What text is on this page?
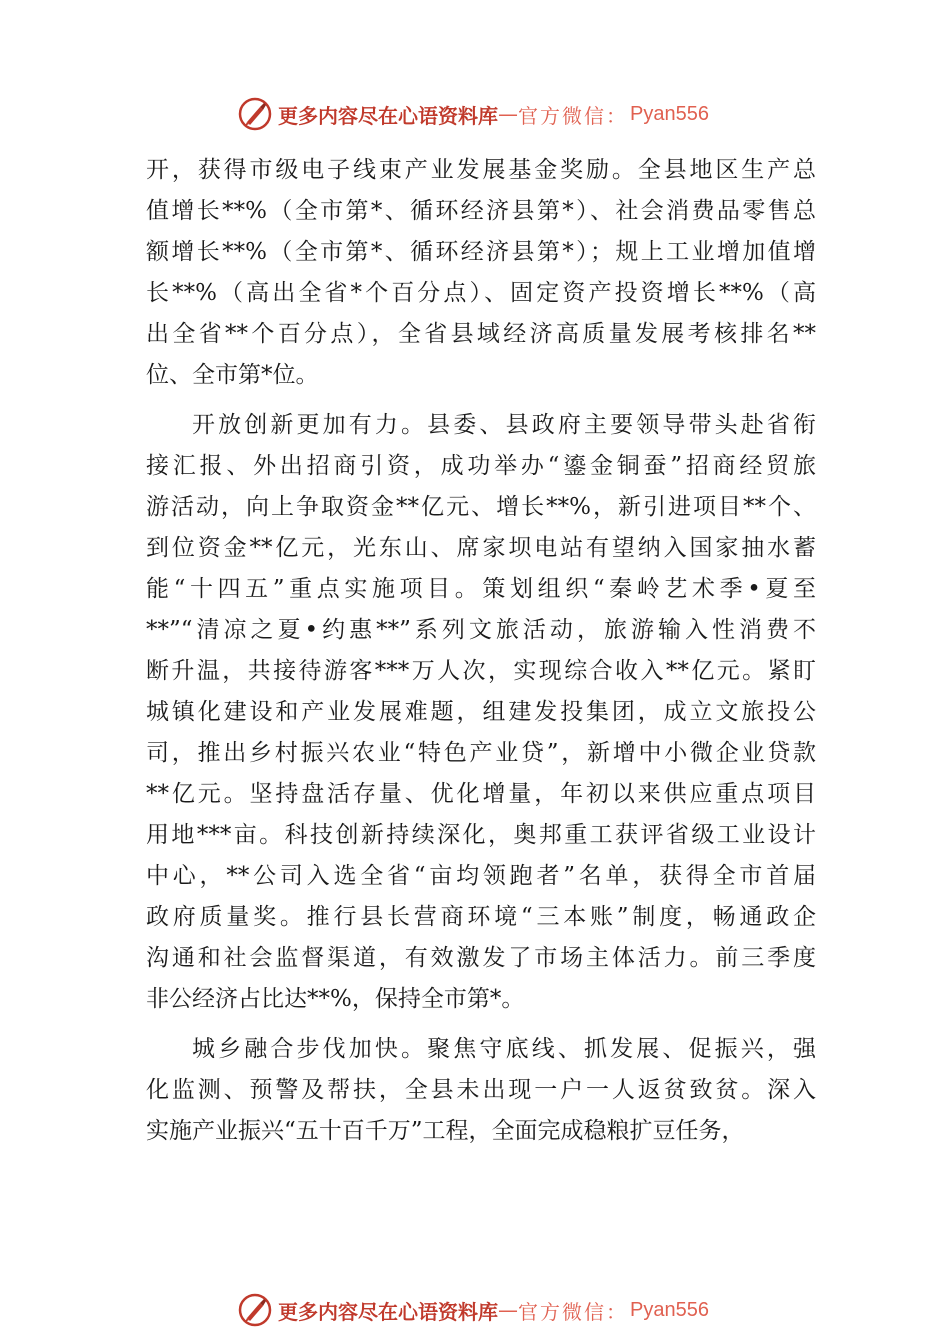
更多内容尽在心语资料库 — 官方微信： Pyan556
开，获得市级电子线束产业发展基金奖励。全县地区生产总
值增长**%（全市第*、循环经济县第*）、社会消费品零售总
额增长**%（全市第*、循环经济县第*）；规上工业增加值增
长**%（高出全省*个百分点）、固定资产投资增长**%（高
出全省**个百分点），全省县域经济高质量发展考核排名**
位、全市第*位。
开放创新更加有力。县委、县政府主要领导带头赴省衔
接汇报、外出招商引资，成功举办“鎏金铜蚕”招商经贸旅
游活动，向上争取资金**亿元、增长**%，新引进项目**个、
到位资金**亿元，光东山、席家坝电站有望纳入国家抽水蓄
能“十四五”重点实施项目。策划组织“秦岭艺术季•夏至
**”“清凉之夏•约惠**”系列文旅活动，旅游输入性消费不
断升温，共接待游客***万人次，实现综合收入**亿元。紧盯
城镇化建设和产业发展难题，组建发投集团，成立文旅投公
司，推出乡村振兴农业“特色产业贷”，新增中小微企业贷款
**亿元。坚持盘活存量、优化增量，年初以来供应重点项目
用地***亩。科技创新持续深化，奥邦重工获评省级工业设计
中心，**公司入选全省“亩均领跑者”名单，获得全市首届
政府质量奖。推行县长营商环境“三本账”制度，畅通政企
沟通和社会监督渠道，有效激发了市场主体活力。前三季度
非公经济占比达**%，保持全市第*。
城乡融合步伐加快。聚焦守底线、抓发展、促振兴，强
化监测、预警及帮扶，全县未出现一户一人返贫致贫。深入
实施产业振兴“五十百千万”工程，全面完成稳粮扩豆任务，
更多内容尽在心语资料库 — 官方微信： Pyan556
